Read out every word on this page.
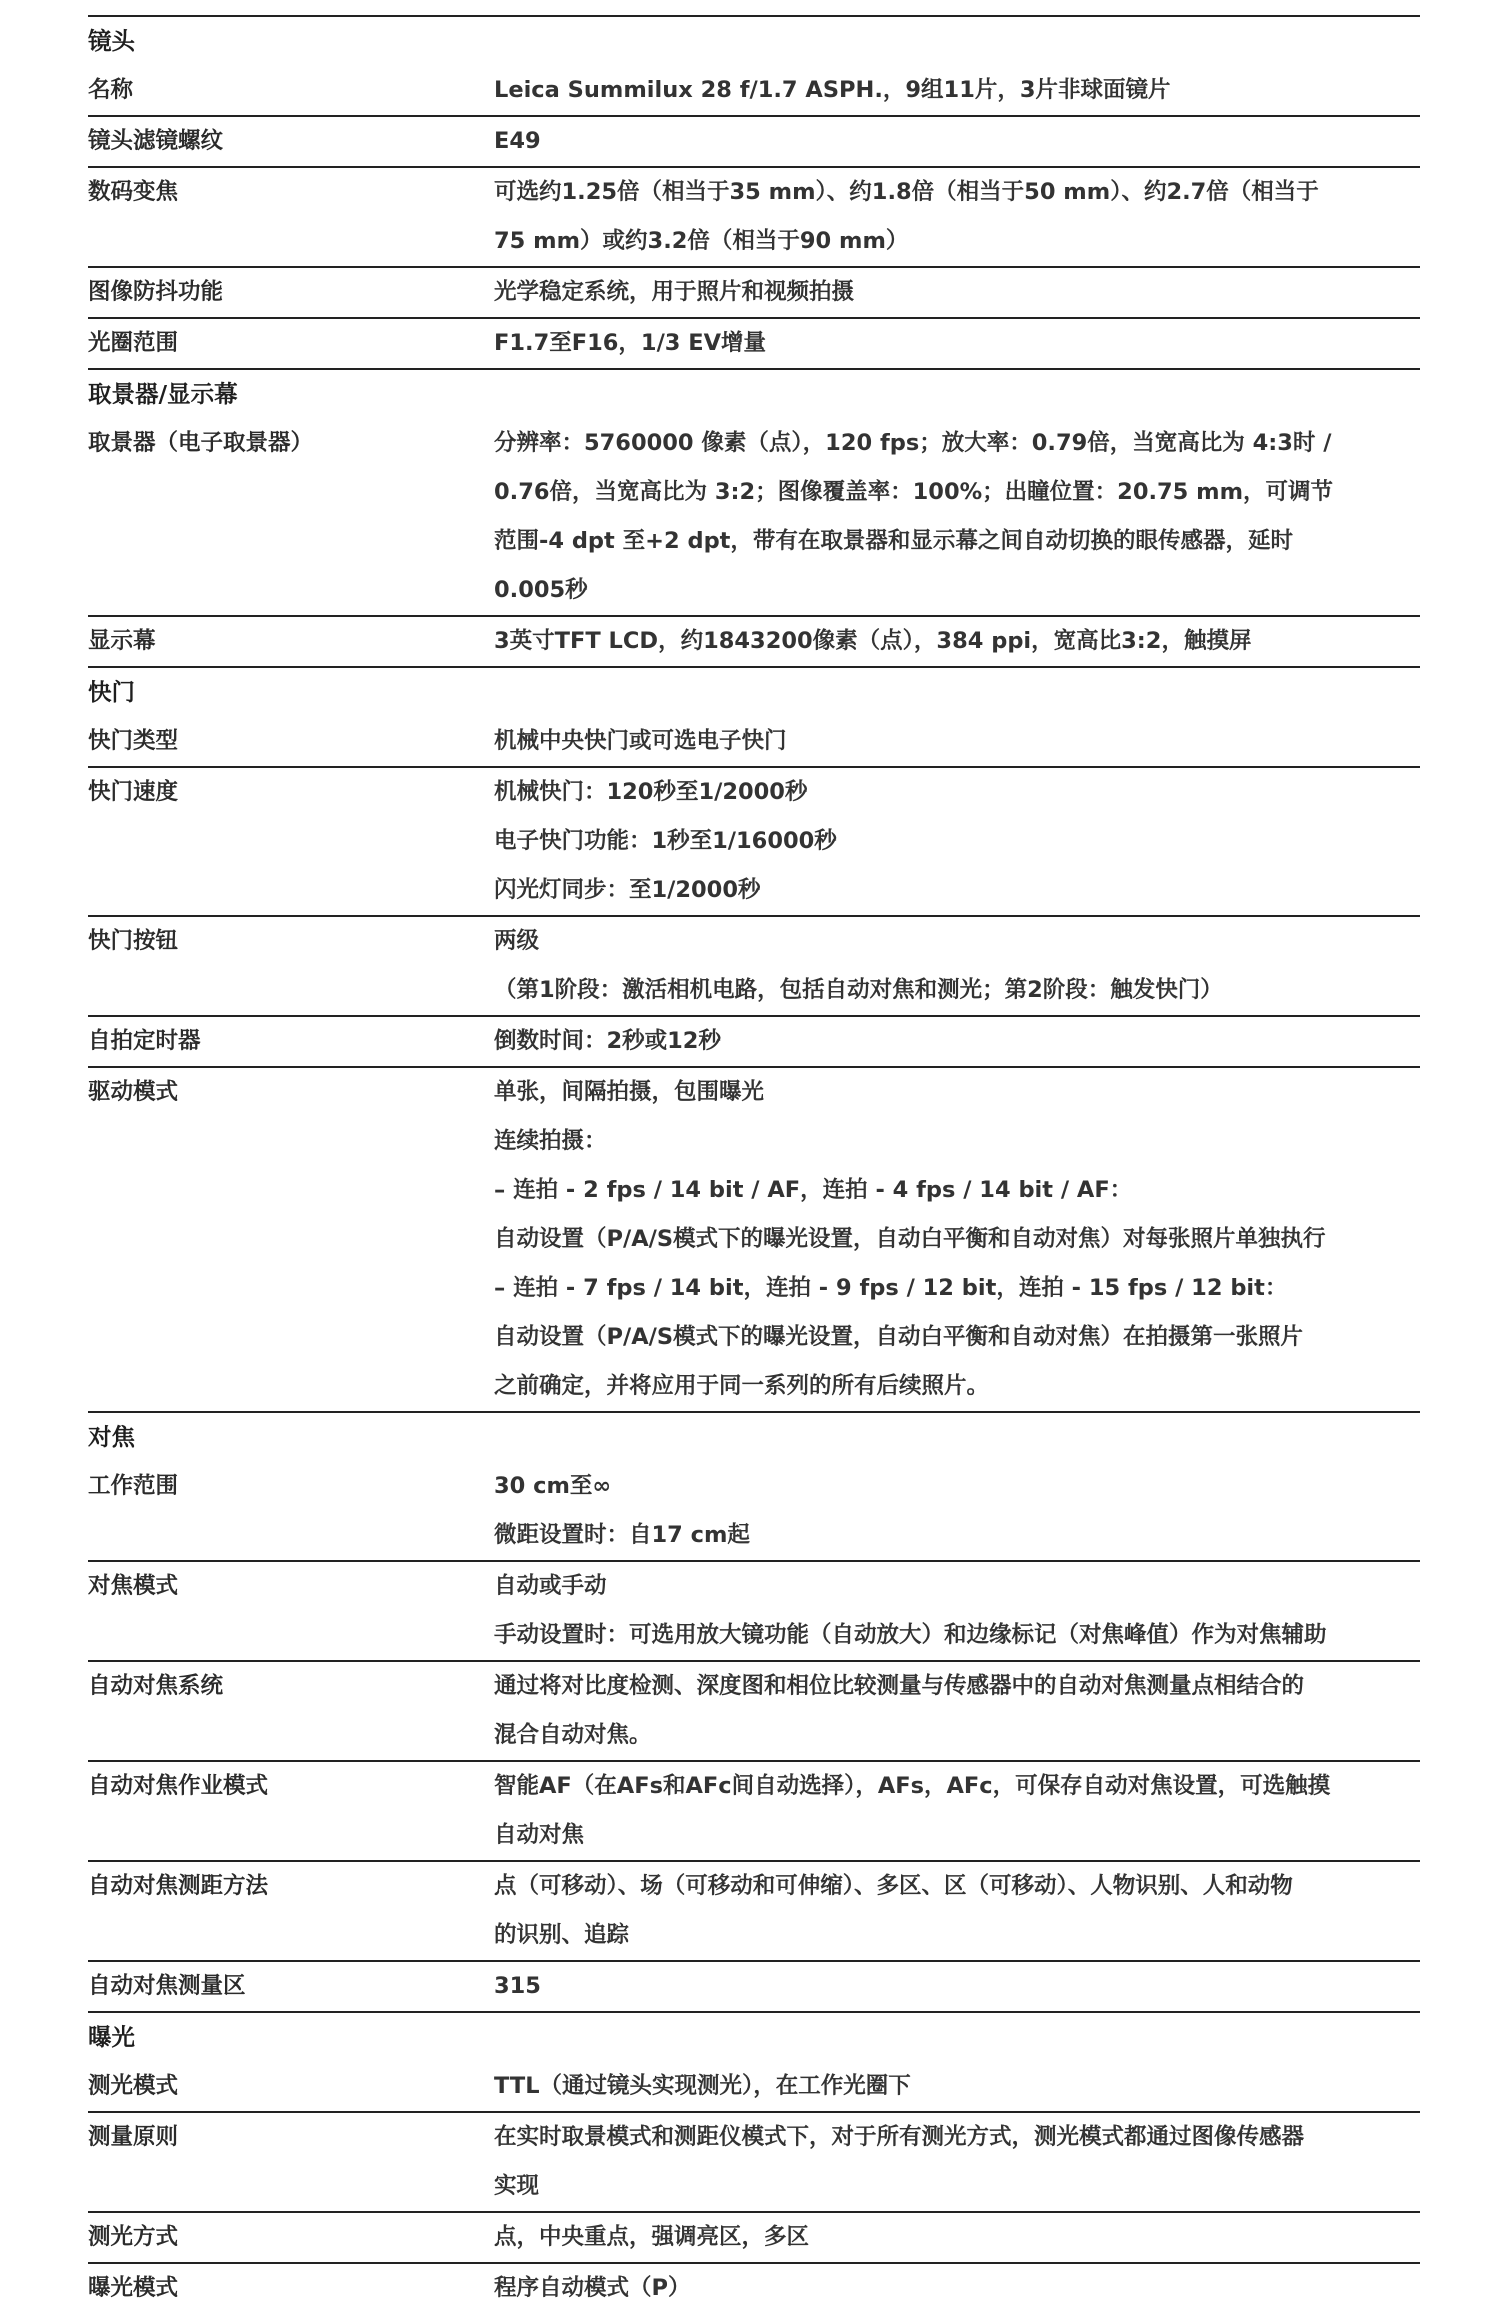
镜头
名称	Leica Summilux 28 f/1.7 ASPH.，9组11片，3片非球面镜片
镜头滤镜螺纹	E49
数码变焦	可选约1.25倍（相当于35 mm）、约1.8倍（相当于50 mm）、约2.7倍（相当于
75 mm）或约3.2倍（相当于90 mm）
图像防抖功能	光学稳定系统，用于照片和视频拍摄
光圈范围	F1.7至F16，1/3 EV增量
取景器/显示幕
取景器（电子取景器）	分辨率：5760000 像素（点），120 fps；放大率：0.79倍，当宽高比为 4:3时 /
0.76倍，当宽高比为 3:2；图像覆盖率：100%；出瞳位置：20.75 mm，可调节
范围-4 dpt 至+2 dpt，带有在取景器和显示幕之间自动切换的眼传感器，延时
0.005秒
显示幕	3英寸TFT LCD，约1843200像素（点），384 ppi，宽高比3:2，触摸屏
快门
快门类型	机械中央快门或可选电子快门
快门速度	机械快门：120秒至1/2000秒
电子快门功能：1秒至1/16000秒
闪光灯同步：至1/2000秒
快门按钮	两级
（第1阶段：激活相机电路，包括自动对焦和测光；第2阶段：触发快门）
自拍定时器	倒数时间：2秒或12秒
驱动模式	单张，间隔拍摄，包围曝光
连续拍摄：
– 连拍 - 2 fps / 14 bit / AF，连拍 - 4 fps / 14 bit / AF：
自动设置（P/A/S模式下的曝光设置，自动白平衡和自动对焦）对每张照片单独执行
– 连拍 - 7 fps / 14 bit，连拍 - 9 fps / 12 bit，连拍 - 15 fps / 12 bit：
自动设置（P/A/S模式下的曝光设置，自动白平衡和自动对焦）在拍摄第一张照片
之前确定，并将应用于同一系列的所有后续照片。
对焦
工作范围	30 cm至∞
微距设置时：自17 cm起
对焦模式	自动或手动
手动设置时：可选用放大镜功能（自动放大）和边缘标记（对焦峰值）作为对焦辅助
自动对焦系统	通过将对比度检测、深度图和相位比较测量与传感器中的自动对焦测量点相结合的
混合自动对焦。
自动对焦作业模式	智能AF（在AFs和AFc间自动选择），AFs，AFc，可保存自动对焦设置，可选触摸
自动对焦
自动对焦测距方法	点（可移动）、场（可移动和可伸缩）、多区、区（可移动）、人物识别、人和动物
的识别、追踪
自动对焦测量区	315
曝光
测光模式	TTL（通过镜头实现测光），在工作光圈下
测量原则	在实时取景模式和测距仪模式下，对于所有测光方式，测光模式都通过图像传感器
实现
测光方式	点，中央重点，强调亮区，多区
曝光模式	程序自动模式（P）
